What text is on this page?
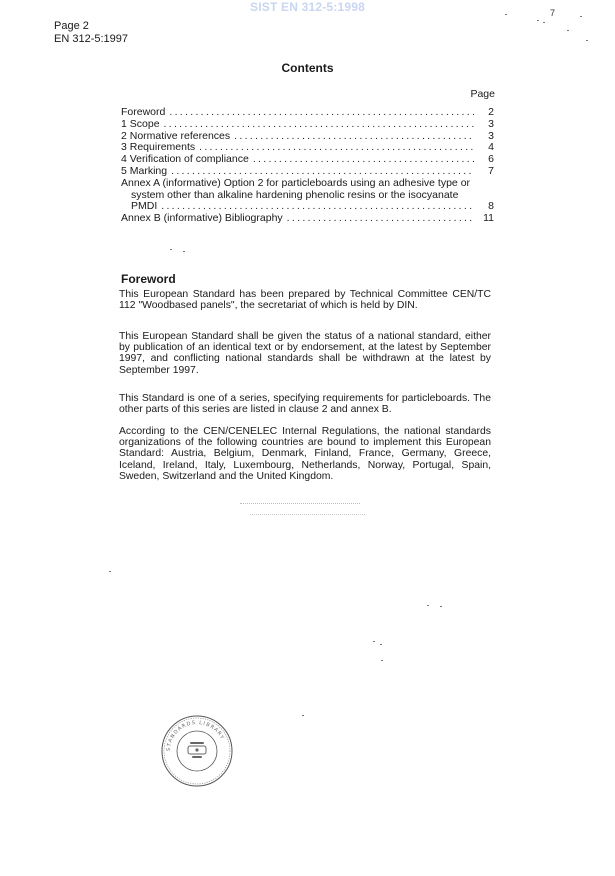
SIST EN 312-5:1998
Page 2
EN 312-5:1997
7
Contents
Page
Foreword .....	2
1 Scope .....	3
2 Normative references .....	3
3 Requirements .....	4
4 Verification of compliance .....	6
5 Marking .....	7
Annex A (informative) Option 2 for particleboards using an adhesive type or
system other than alkaline hardening phenolic resins or the isocyanate
PMDI .....	8
Annex B (informative) Bibliography .....	11
Foreword

This European Standard has been prepared by Technical Committee CEN/TC 112 "Woodbased panels", the secretariat of which is held by DIN.

This European Standard shall be given the status of a national standard, either by publication of an identical text or by endorsement, at the latest by September 1997, and conflicting national standards shall be withdrawn at the latest by September 1997.

This Standard is one of a series, specifying requirements for particleboards. The other parts of this series are listed in clause 2 and annex B.

According to the CEN/CENELEC Internal Regulations, the national standards organizations of the following countries are bound to implement this European Standard: Austria, Belgium, Denmark, Finland, France, Germany, Greece, Iceland, Ireland, Italy, Luxembourg, Netherlands, Norway, Portugal, Spain, Sweden, Switzerland and the United Kingdom.

STANDARDS LIBRARY
